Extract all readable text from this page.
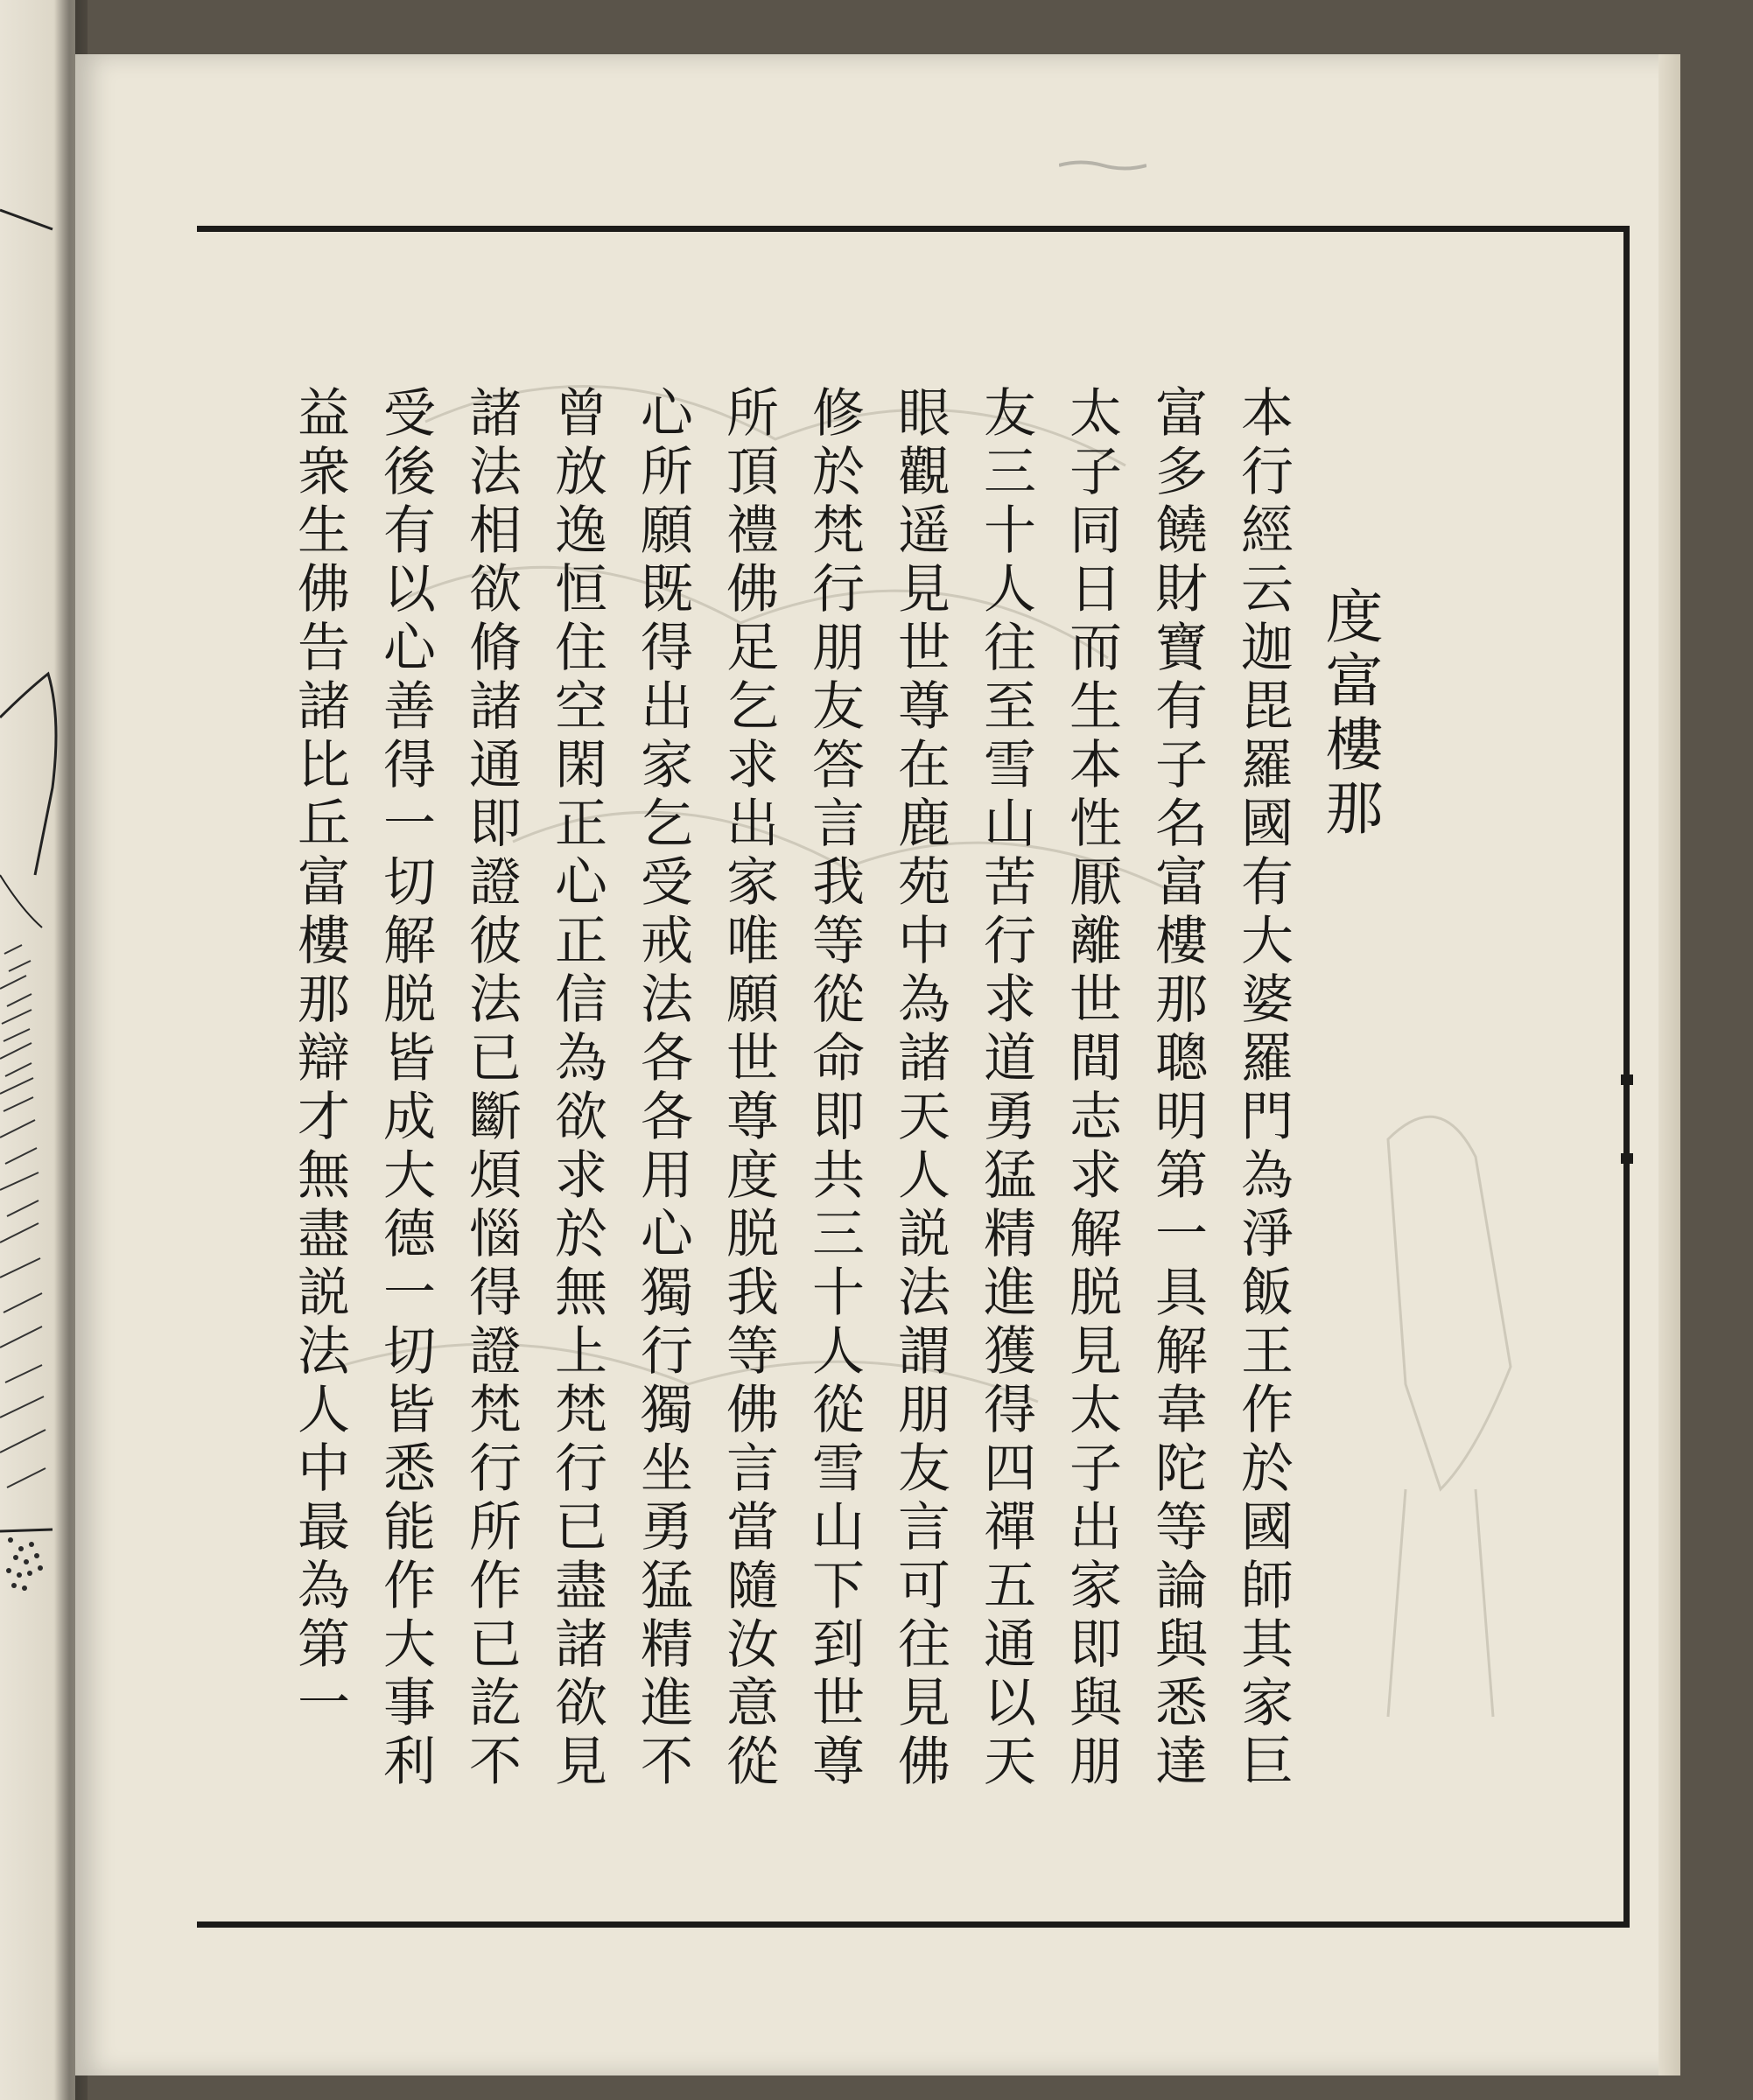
度富樓那
本行經云迦毘羅國有大婆羅門為淨飯王作於國師其家巨
富多饒財寶有子名富樓那聰明第一具解韋陀等論與悉達
太子同日而生本性厭離世間志求解脱見太子出家即與朋
友三十人往至雪山苦行求道勇猛精進獲得四禪五通以天
眼觀遥見世尊在鹿苑中為諸天人説法謂朋友言可往見佛
修於梵行朋友答言我等從命即共三十人從雪山下到世尊
所頂禮佛足乞求出家唯願世尊度脱我等佛言當隨汝意從
心所願既得出家乞受戒法各各用心獨行獨坐勇猛精進不
曾放逸恒住空閑正心正信為欲求於無上梵行已盡諸欲見
諸法相欲脩諸通即證彼法已斷煩惱得證梵行所作已訖不
受後有以心善得一切解脱皆成大德一切皆悉能作大事利
益衆生佛告諸比丘富樓那辯才無盡説法人中最為第一
